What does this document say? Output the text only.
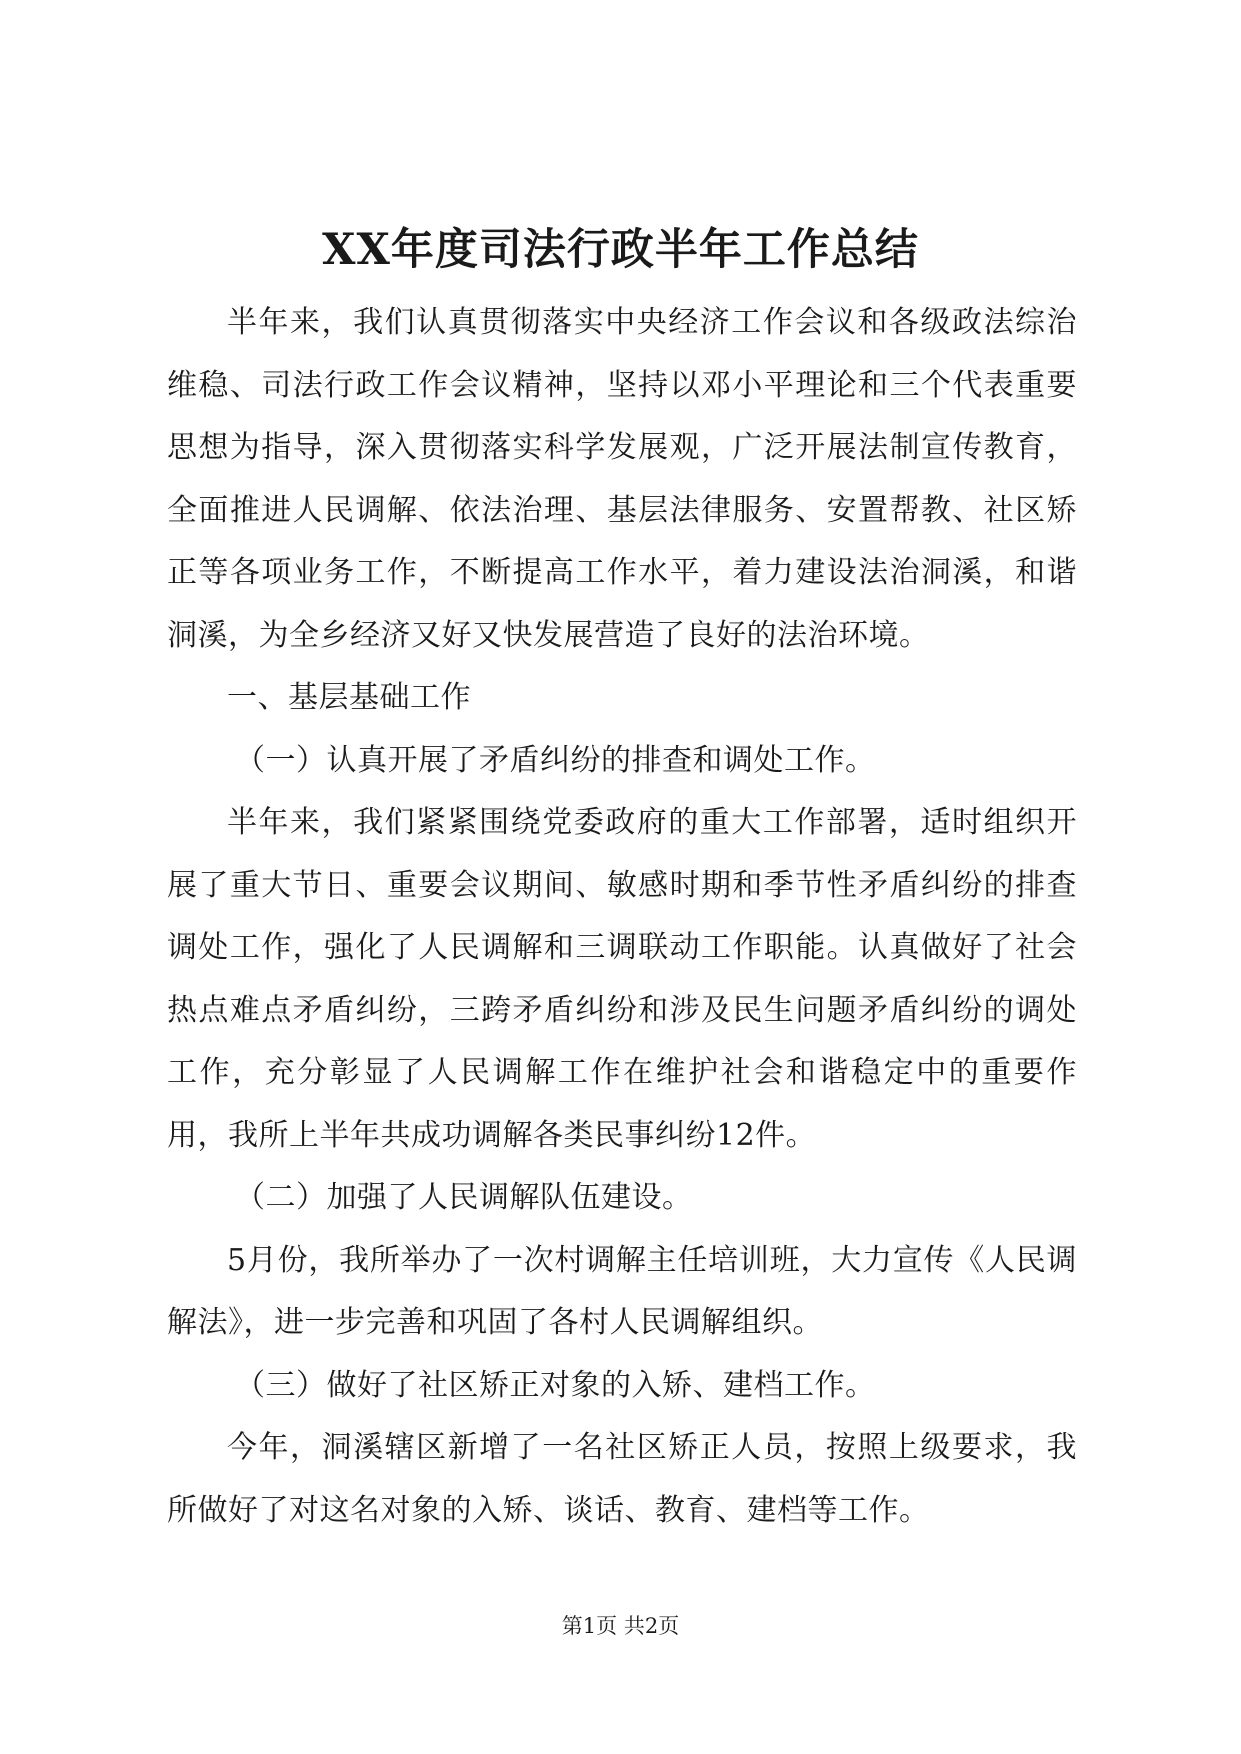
XX年度司法行政半年工作总结

半年来，我们认真贯彻落实中央经济工作会议和各级政法综治维稳、司法行政工作会议精神，坚持以邓小平理论和三个代表重要思想为指导，深入贯彻落实科学发展观，广泛开展法制宣传教育，全面推进人民调解、依法治理、基层法律服务、安置帮教、社区矫正等各项业务工作，不断提高工作水平，着力建设法治洞溪，和谐洞溪，为全乡经济又好又快发展营造了良好的法治环境。

一、基层基础工作

（一）认真开展了矛盾纠纷的排查和调处工作。

半年来，我们紧紧围绕党委政府的重大工作部署，适时组织开展了重大节日、重要会议期间、敏感时期和季节性矛盾纠纷的排查调处工作，强化了人民调解和三调联动工作职能。认真做好了社会热点难点矛盾纠纷，三跨矛盾纠纷和涉及民生问题矛盾纠纷的调处工作，充分彰显了人民调解工作在维护社会和谐稳定中的重要作用，我所上半年共成功调解各类民事纠纷12件。

（二）加强了人民调解队伍建设。

5月份，我所举办了一次村调解主任培训班，大力宣传《人民调解法》，进一步完善和巩固了各村人民调解组织。

（三）做好了社区矫正对象的入矫、建档工作。

今年，洞溪辖区新增了一名社区矫正人员，按照上级要求，我所做好了对这名对象的入矫、谈话、教育、建档等工作。

第1页 共2页
